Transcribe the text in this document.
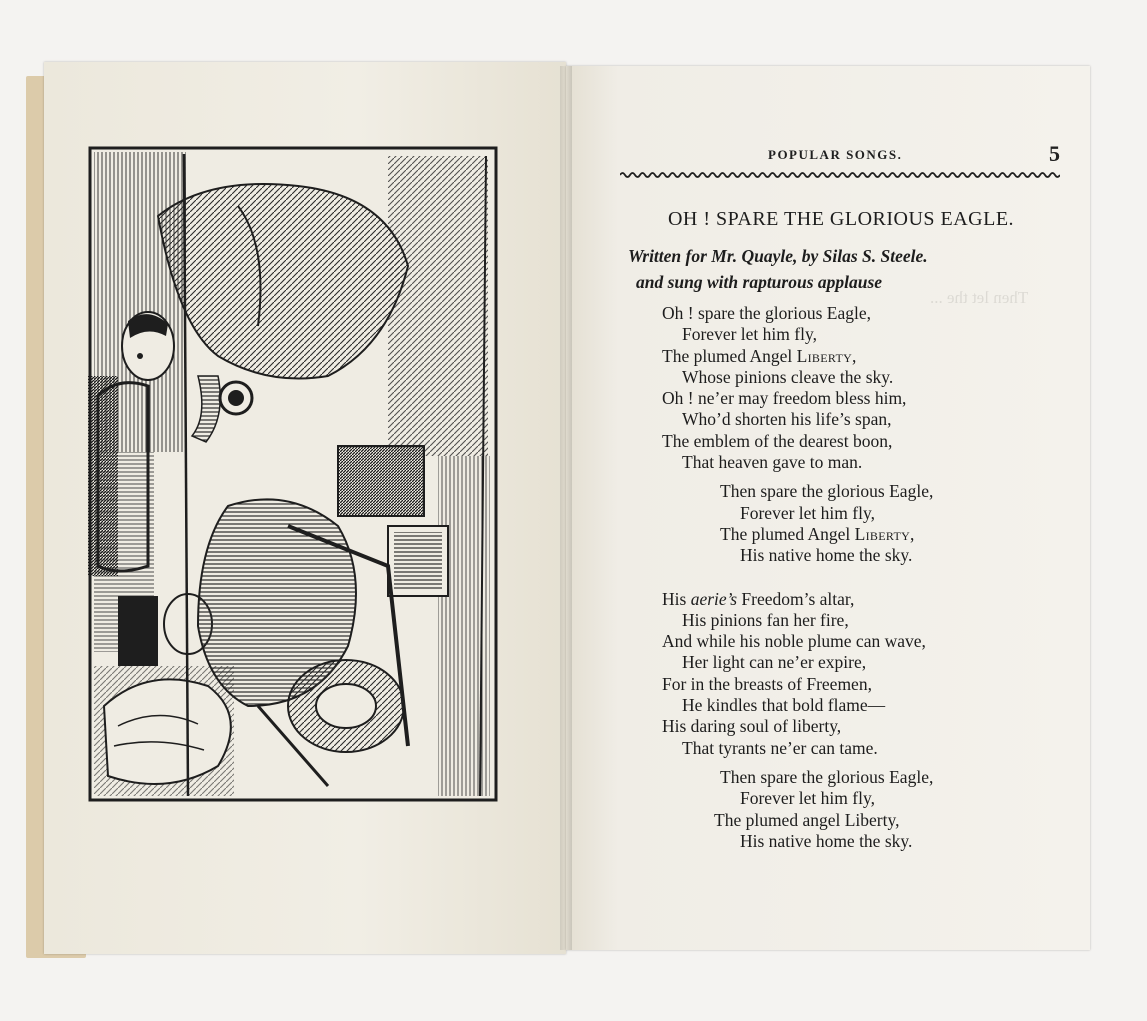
Then let the ...
POPULAR SONGS.	5
OH ! SPARE THE GLORIOUS EAGLE.
Written for Mr. Quayle, by Silas S. Steele.
and sung with rapturous applause
Oh ! spare the glorious Eagle,
Forever let him fly,
The plumed Angel Liberty,
Whose pinions cleave the sky.
Oh ! ne’er may freedom bless him,
Who’d shorten his life’s span,
The emblem of the dearest boon,
That heaven gave to man.
Then spare the glorious Eagle,
Forever let him fly,
The plumed Angel Liberty,
His native home the sky.
His aerie’s Freedom’s altar,
His pinions fan her fire,
And while his noble plume can wave,
Her light can ne’er expire,
For in the breasts of Freemen,
He kindles that bold flame—
His daring soul of liberty,
That tyrants ne’er can tame.
Then spare the glorious Eagle,
Forever let him fly,
The plumed angel Liberty,
His native home the sky.
